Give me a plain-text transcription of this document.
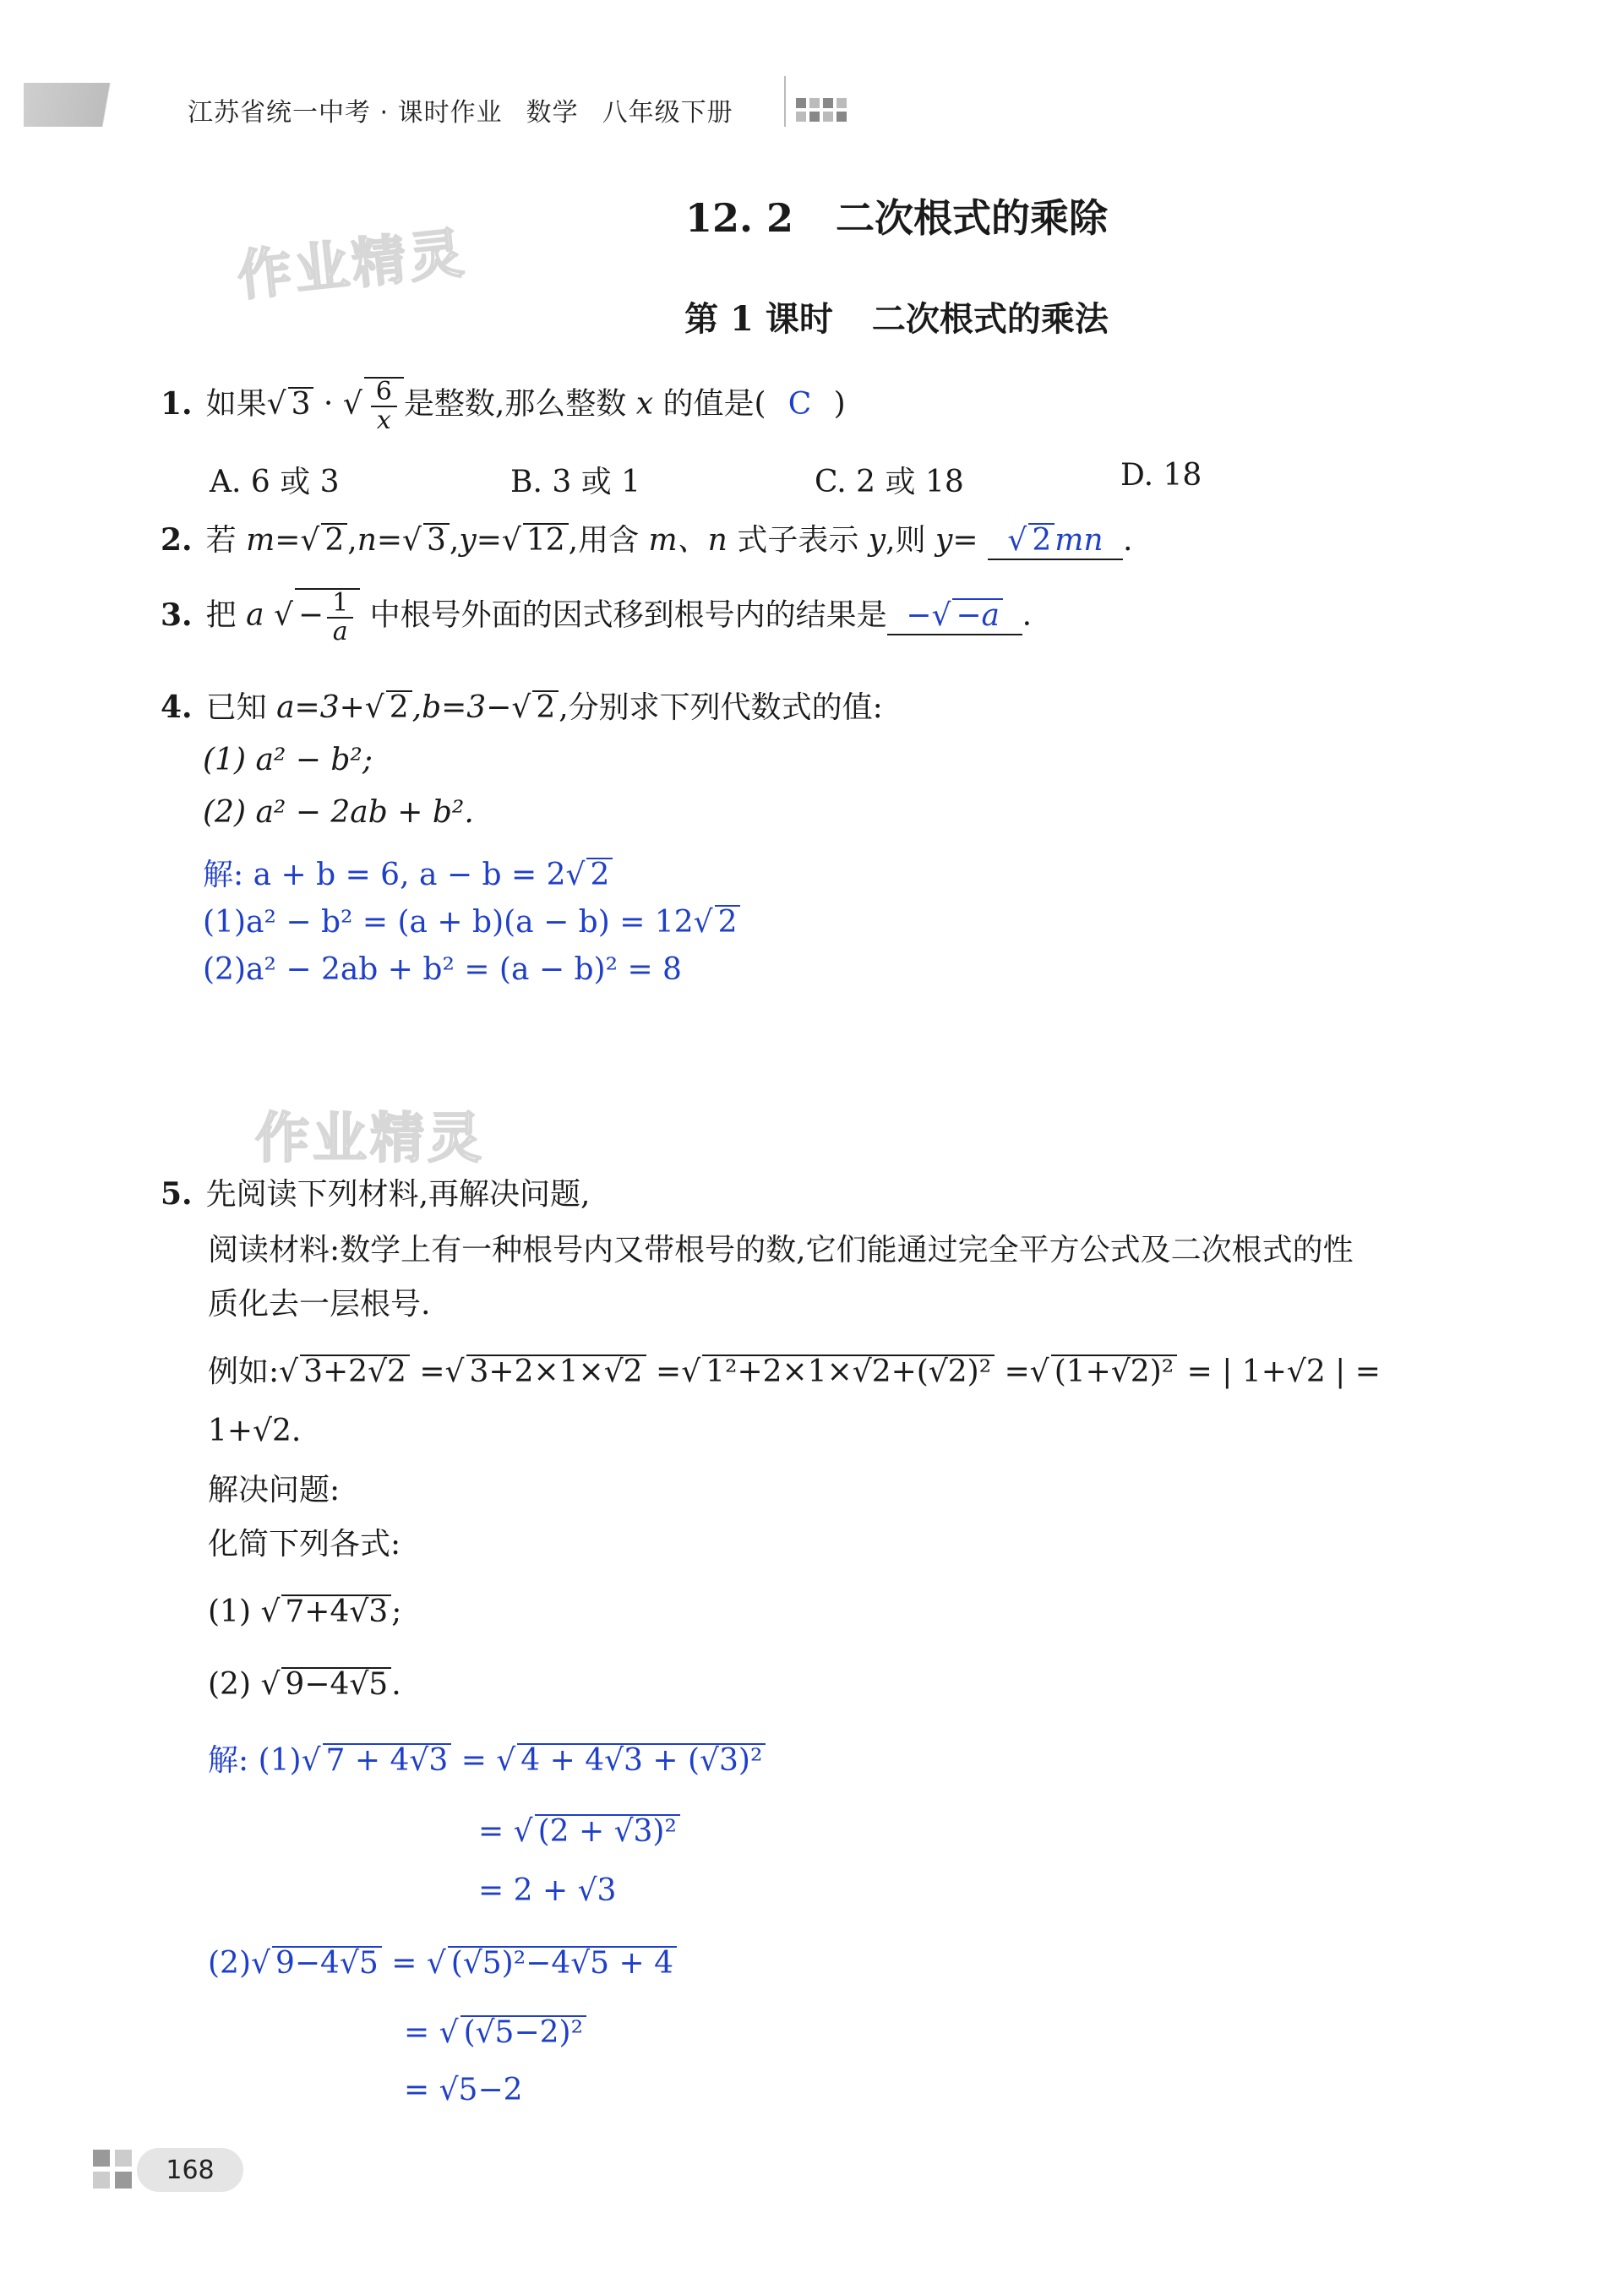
江苏省统一中考 · 课时作业 数学 八年级下册
作业精灵
作业精灵
12. 2 二次根式的乘除
第 1 课时 二次根式的乘法
1. 如果√ 3 · √ $\frac{6}{x}$ 是整数,那么整数 x 的值是( C )
A. 6 或 3	B. 3 或 1	C. 2 或 18	D. 18
2. 若 m=√ 2 ,n=√ 3 ,y=√ 12 ,用含 m、n 式子表示 y,则 y= √ 2 mn .
3. 把 a √ − $\frac{1}{a}$ 中根号外面的因式移到根号内的结果是 −√ −a .
4. 已知 a=3+√ 2 ,b=3−√ 2 ,分别求下列代数式的值:
(1) a² − b²;
(2) a² − 2ab + b².
解: a + b = 6, a − b = 2√ 2
(1)a² − b² = (a + b)(a − b) = 12√ 2
(2)a² − 2ab + b² = (a − b)² = 8
5. 先阅读下列材料,再解决问题,
阅读材料:数学上有一种根号内又带根号的数,它们能通过完全平方公式及二次根式的性
质化去一层根号.
例如:√ 3+2√2 =√ 3+2×1×√2 =√ 1²+2×1×√2+(√2)² =√ (1+√2)² = | 1+√2 | =
1+√2.
解决问题:
化简下列各式:
(1) √ 7+4√3 ;
(2) √ 9−4√5 .
解: (1)√ 7 + 4√3 = √ 4 + 4√3 + (√3)²
= √ (2 + √3)²
= 2 + √3
(2)√ 9−4√5 = √ (√5)²−4√5 + 4
= √ (√5−2)²
= √5−2
168
